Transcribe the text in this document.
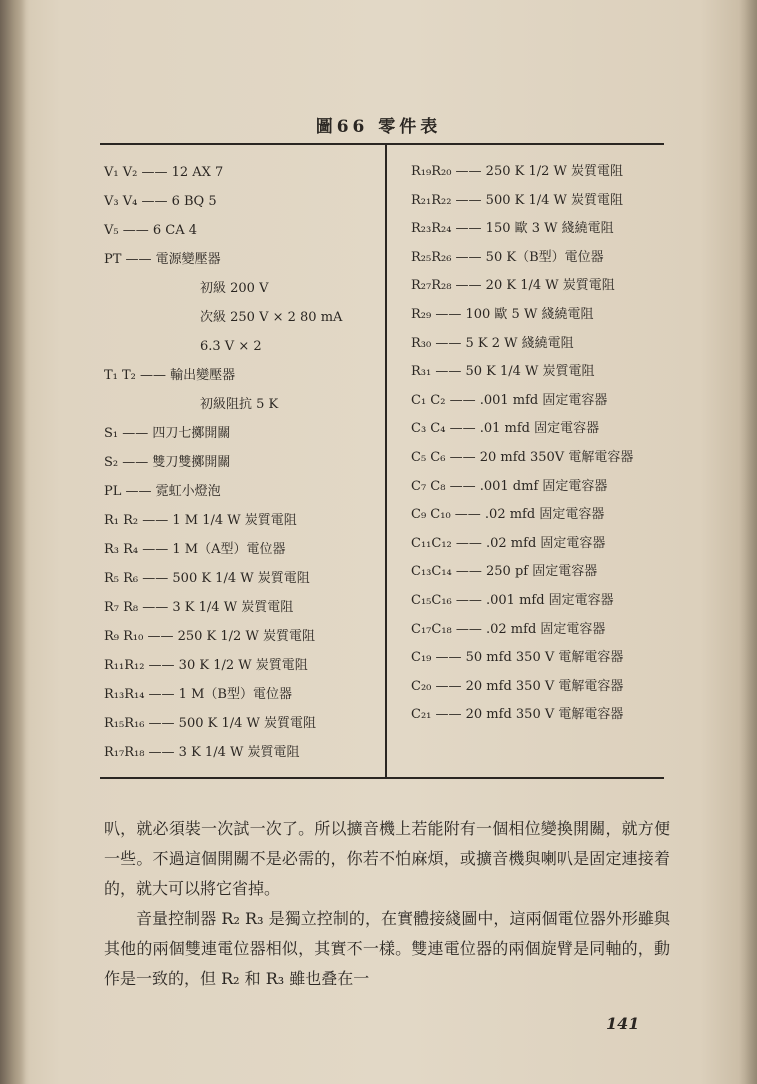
圖66 零件表
V₁ V₂ —— 12 AX 7
V₃ V₄ —— 6 BQ 5
V₅ —— 6 CA 4
PT —— 電源變壓器
初級 200 V
次級 250 V × 2 80 mA
6.3 V × 2
T₁ T₂ —— 輸出變壓器
初級阻抗 5 K
S₁ —— 四刀七擲開關
S₂ —— 雙刀雙擲開關
PL —— 霓虹小燈泡
R₁ R₂ —— 1 M 1/4 W 炭質電阻
R₃ R₄ —— 1 M（A型）電位器
R₅ R₆ —— 500 K 1/4 W 炭質電阻
R₇ R₈ —— 3 K 1/4 W 炭質電阻
R₉ R₁₀ —— 250 K 1/2 W 炭質電阻
R₁₁R₁₂ —— 30 K 1/2 W 炭質電阻
R₁₃R₁₄ —— 1 M（B型）電位器
R₁₅R₁₆ —— 500 K 1/4 W 炭質電阻
R₁₇R₁₈ —— 3 K 1/4 W 炭質電阻
R₁₉R₂₀ —— 250 K 1/2 W 炭質電阻
R₂₁R₂₂ —— 500 K 1/4 W 炭質電阻
R₂₃R₂₄ —— 150 歐 3 W 綫繞電阻
R₂₅R₂₆ —— 50 K（B型）電位器
R₂₇R₂₈ —— 20 K 1/4 W 炭質電阻
R₂₉ —— 100 歐 5 W 綫繞電阻
R₃₀ —— 5 K 2 W 綫繞電阻
R₃₁ —— 50 K 1/4 W 炭質電阻
C₁ C₂ —— .001 mfd 固定電容器
C₃ C₄ —— .01 mfd 固定電容器
C₅ C₆ —— 20 mfd 350V 電解電容器
C₇ C₈ —— .001 dmf 固定電容器
C₉ C₁₀ —— .02 mfd 固定電容器
C₁₁C₁₂ —— .02 mfd 固定電容器
C₁₃C₁₄ —— 250 pf 固定電容器
C₁₅C₁₆ —— .001 mfd 固定電容器
C₁₇C₁₈ —— .02 mfd 固定電容器
C₁₉ —— 50 mfd 350 V 電解電容器
C₂₀ —— 20 mfd 350 V 電解電容器
C₂₁ —— 20 mfd 350 V 電解電容器

叭，就必須裝一次試一次了。所以擴音機上若能附有一個相位變換開關，就方便一些。不過這個開關不是必需的，你若不怕麻煩，或擴音機與喇叭是固定連接着的，就大可以將它省掉。

音量控制器 R₂ R₃ 是獨立控制的，在實體接綫圖中，這兩個電位器外形雖與其他的兩個雙連電位器相似，其實不一樣。雙連電位器的兩個旋臂是同軸的，動作是一致的，但 R₂ 和 R₃ 雖也叠在一

141
